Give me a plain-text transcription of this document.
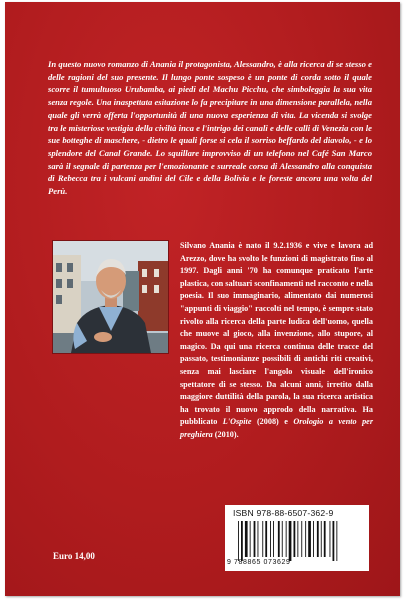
In questo nuovo romanzo di Anania il protagonista, Alessandro, è alla ricerca di se stesso e delle ragioni del suo presente. Il lungo ponte sospeso è un ponte di corda sotto il quale scorre il tumultuoso Urubamba, ai piedi del Machu Picchu, che simboleggia la sua vita senza regole. Una inaspettata esitazione lo fa precipitare in una dimensione parallela, nella quale gli verrà offerta l'opportunità di una nuova esperienza di vita. La vicenda si svolge tra le misteriose vestigia della civiltà inca e l'intrigo dei canali e delle calli di Venezia con le sue botteghe di maschere, - dietro le quali forse si cela il sorriso beffardo del diavolo, - e lo splendore del Canal Grande. Lo squillare improvviso di un telefono nel Café San Marco sarà il segnale di partenza per l'emozionante e surreale corsa di Alessandro alla conquista di Rebecca tra i vulcani andini del Cile e della Bolivia e le foreste ancora una volta del Perù.

Silvano Anania è nato il 9.2.1936 e vive e lavora ad Arezzo, dove ha svolto le funzioni di magistrato fino al 1997. Dagli anni '70 ha comunque praticato l'arte plastica, con saltuari sconfinamenti nel racconto e nella poesia. Il suo immaginario, alimentato dai numerosi "appunti di viaggio" raccolti nel tempo, è sempre stato rivolto alla ricerca della parte ludica dell'uomo, quella che muove al gioco, alla invenzione, allo stupore, al magico. Da qui una ricerca continua delle tracce del passato, testimonianze possibili di antichi riti creativi, senza mai lasciare l'angolo visuale dell'ironico spettatore di se stesso. Da alcuni anni, irretito dalla maggiore duttilità della parola, la sua ricerca artistica ha trovato il nuovo approdo della narrativa. Ha pubblicato L'Ospite (2008) e Orologio a vento per preghiera (2010).

Euro 14,00
ISBN 978-88-6507-362-9
9 788865 073629
